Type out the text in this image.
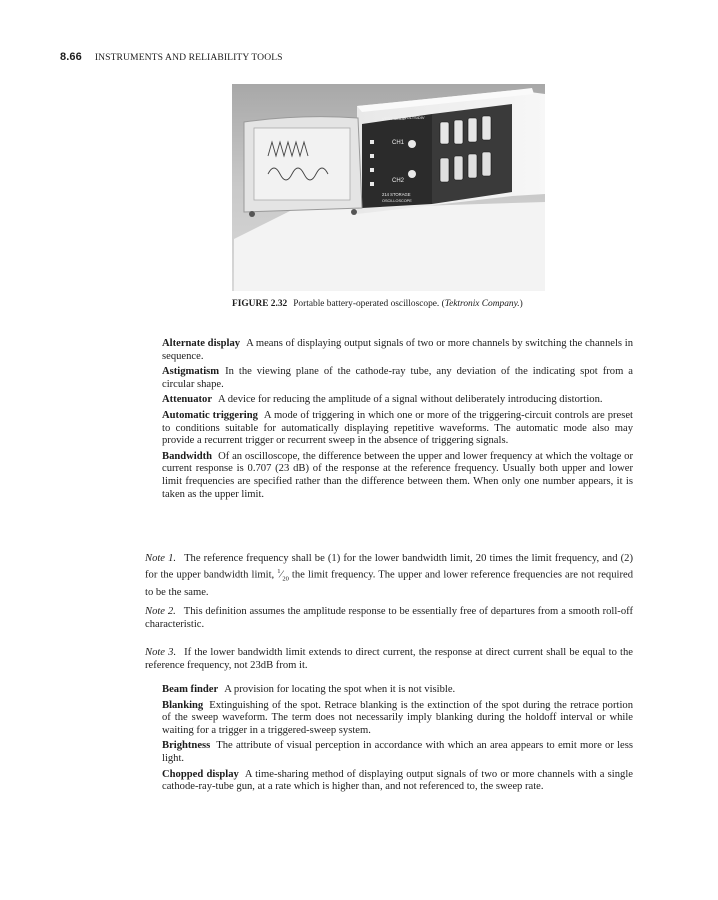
8.66 INSTRUMENTS AND RELIABILITY TOOLS
VERT MODE
VOLTS/DIV
CH1
CH2
214 STORAGE
OSCILLOSCOPE
FIGURE 2.32 Portable battery-operated oscilloscope. (Tektronix Company.)

Alternate display A means of displaying output signals of two or more channels by switching the channels in sequence.

Astigmatism In the viewing plane of the cathode-ray tube, any deviation of the indicating spot from a circular shape.

Attenuator A device for reducing the amplitude of a signal without deliberately introducing distortion.

Automatic triggering A mode of triggering in which one or more of the triggering-circuit controls are preset to conditions suitable for automatically displaying repetitive waveforms. The automatic mode also may provide a recurrent trigger or recurrent sweep in the absence of triggering signals.

Bandwidth Of an oscilloscope, the difference between the upper and lower frequency at which the voltage or current response is 0.707 (23 dB) of the response at the reference frequency. Usually both upper and lower limit frequencies are specified rather than the difference between them. When only one number appears, it is taken as the upper limit.

Note 1. The reference frequency shall be (1) for the lower bandwidth limit, 20 times the limit frequency, and (2) for the upper bandwidth limit, $^1⁄_{20}$ the limit frequency. The upper and lower reference frequencies are not required to be the same.

Note 2. This definition assumes the amplitude response to be essentially free of departures from a smooth roll-off characteristic.

Note 3. If the lower bandwidth limit extends to direct current, the response at direct current shall be equal to the reference frequency, not 23dB from it.

Beam finder A provision for locating the spot when it is not visible.

Blanking Extinguishing of the spot. Retrace blanking is the extinction of the spot during the retrace portion of the sweep waveform. The term does not necessarily imply blanking during the holdoff interval or while waiting for a trigger in a triggered-sweep system.

Brightness The attribute of visual perception in accordance with which an area appears to emit more or less light.

Chopped display A time-sharing method of displaying output signals of two or more channels with a single cathode-ray-tube gun, at a rate which is higher than, and not referenced to, the sweep rate.
